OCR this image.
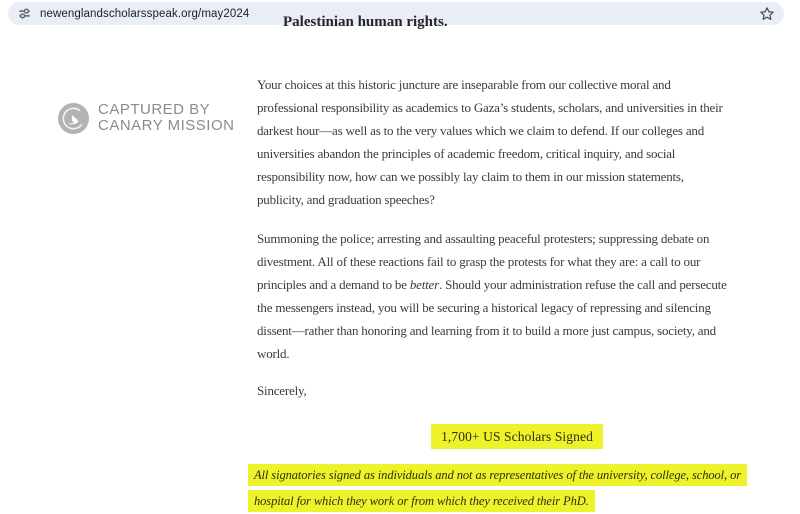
newenglandscholarsspeak.org/may2024
CAPTURED BY
CANARY MISSION
Palestinian human rights.
Your choices at this historic juncture are inseparable from our collective moral and
professional responsibility as academics to Gaza’s students, scholars, and universities in their
darkest hour—as well as to the very values which we claim to defend. If our colleges and
universities abandon the principles of academic freedom, critical inquiry, and social
responsibility now, how can we possibly lay claim to them in our mission statements,
publicity, and graduation speeches?
Summoning the police; arresting and assaulting peaceful protesters; suppressing debate on
divestment. All of these reactions fail to grasp the protests for what they are: a call to our
principles and a demand to be better. Should your administration refuse the call and persecute
the messengers instead, you will be securing a historical legacy of repressing and silencing
dissent—rather than honoring and learning from it to build a more just campus, society, and
world.
Sincerely,
1,700+ US Scholars Signed
All signatories signed as individuals and not as representatives of the university, college, school, or
hospital for which they work or from which they received their PhD.
